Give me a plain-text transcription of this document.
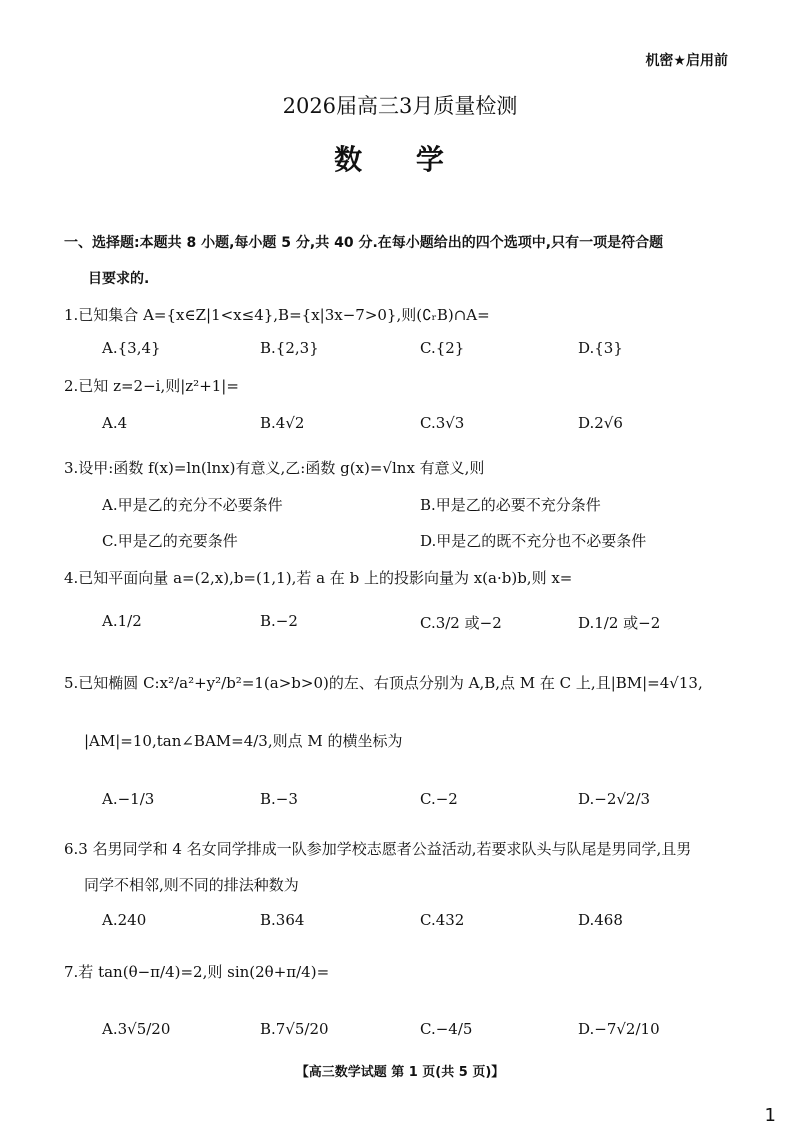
机密★启用前
2026届高三3月质量检测
数 学
一、选择题:本题共 8 小题,每小题 5 分,共 40 分.在每小题给出的四个选项中,只有一项是符合题
目要求的.
1.已知集合 A={x∈Z|1<x≤4},B={x|3x−7>0},则(∁ᵣB)∩A=
A.{3,4}	B.{2,3}	C.{2}	D.{3}
2.已知 z=2−i,则|z²+1|=
A.4	B.4√2	C.3√3	D.2√6
3.设甲:函数 f(x)=ln(lnx)有意义,乙:函数 g(x)=√lnx 有意义,则
A.甲是乙的充分不必要条件	B.甲是乙的必要不充分条件
C.甲是乙的充要条件	D.甲是乙的既不充分也不必要条件
4.已知平面向量 a=(2,x),b=(1,1),若 a 在 b 上的投影向量为 x(a·b)b,则 x=
A.1/2	B.−2	C.3/2 或−2	D.1/2 或−2
5.已知椭圆 C:x²/a²+y²/b²=1(a>b>0)的左、右顶点分别为 A,B,点 M 在 C 上,且|BM|=4√13,
|AM|=10,tan∠BAM=4/3,则点 M 的横坐标为
A.−1/3	B.−3	C.−2	D.−2√2/3
6.3 名男同学和 4 名女同学排成一队参加学校志愿者公益活动,若要求队头与队尾是男同学,且男
同学不相邻,则不同的排法种数为
A.240	B.364	C.432	D.468
7.若 tan(θ−π/4)=2,则 sin(2θ+π/4)=
A.3√5/20	B.7√5/20	C.−4/5	D.−7√2/10
【高三数学试题 第 1 页(共 5 页)】
1
